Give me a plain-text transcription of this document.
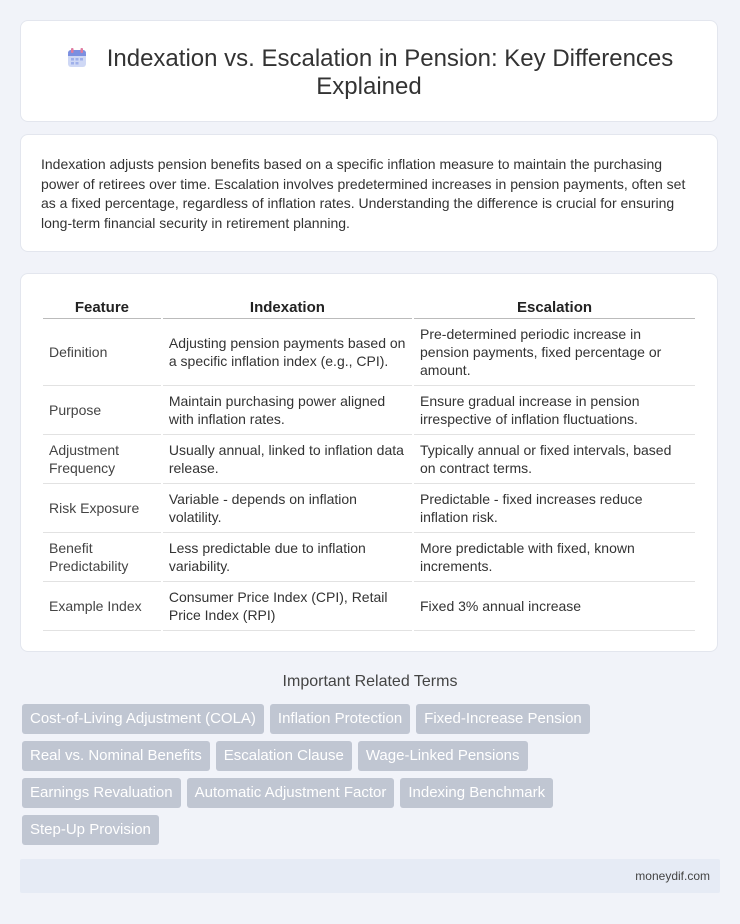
Indexation vs. Escalation in Pension: Key Differences Explained
Indexation adjusts pension benefits based on a specific inflation measure to maintain the purchasing power of retirees over time. Escalation involves predetermined increases in pension payments, often set as a fixed percentage, regardless of inflation rates. Understanding the difference is crucial for ensuring long-term financial security in retirement planning.
Feature	Indexation	Escalation
Definition	Adjusting pension payments based on a specific inflation index (e.g., CPI).	Pre-determined periodic increase in pension payments, fixed percentage or amount.
Purpose	Maintain purchasing power aligned with inflation rates.	Ensure gradual increase in pension irrespective of inflation fluctuations.
Adjustment Frequency	Usually annual, linked to inflation data release.	Typically annual or fixed intervals, based on contract terms.
Risk Exposure	Variable - depends on inflation volatility.	Predictable - fixed increases reduce inflation risk.
Benefit Predictability	Less predictable due to inflation variability.	More predictable with fixed, known increments.
Example Index	Consumer Price Index (CPI), Retail Price Index (RPI)	Fixed 3% annual increase
Important Related Terms
Cost-of-Living Adjustment (COLA)	Inflation Protection	Fixed-Increase Pension
Real vs. Nominal Benefits	Escalation Clause	Wage-Linked Pensions
Earnings Revaluation	Automatic Adjustment Factor	Indexing Benchmark
Step-Up Provision
moneydif.com
